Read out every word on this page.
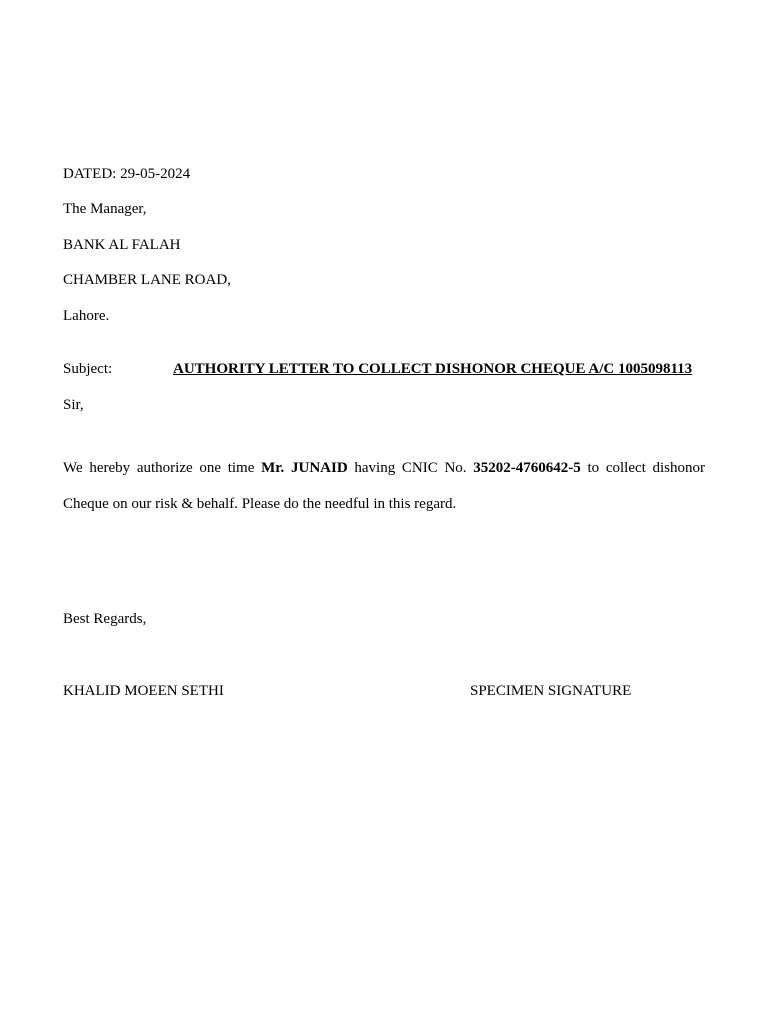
DATED: 29-05-2024
The Manager,
BANK AL FALAH
CHAMBER LANE ROAD,
Lahore.
Subject:	AUTHORITY LETTER TO COLLECT DISHONOR CHEQUE A/C 1005098113
Sir,
We hereby authorize one time Mr. JUNAID having CNIC No. 35202-4760642-5 to collect dishonor
Cheque on our risk & behalf. Please do the needful in this regard.
Best Regards,
KHALID MOEEN SETHI	SPECIMEN SIGNATURE
